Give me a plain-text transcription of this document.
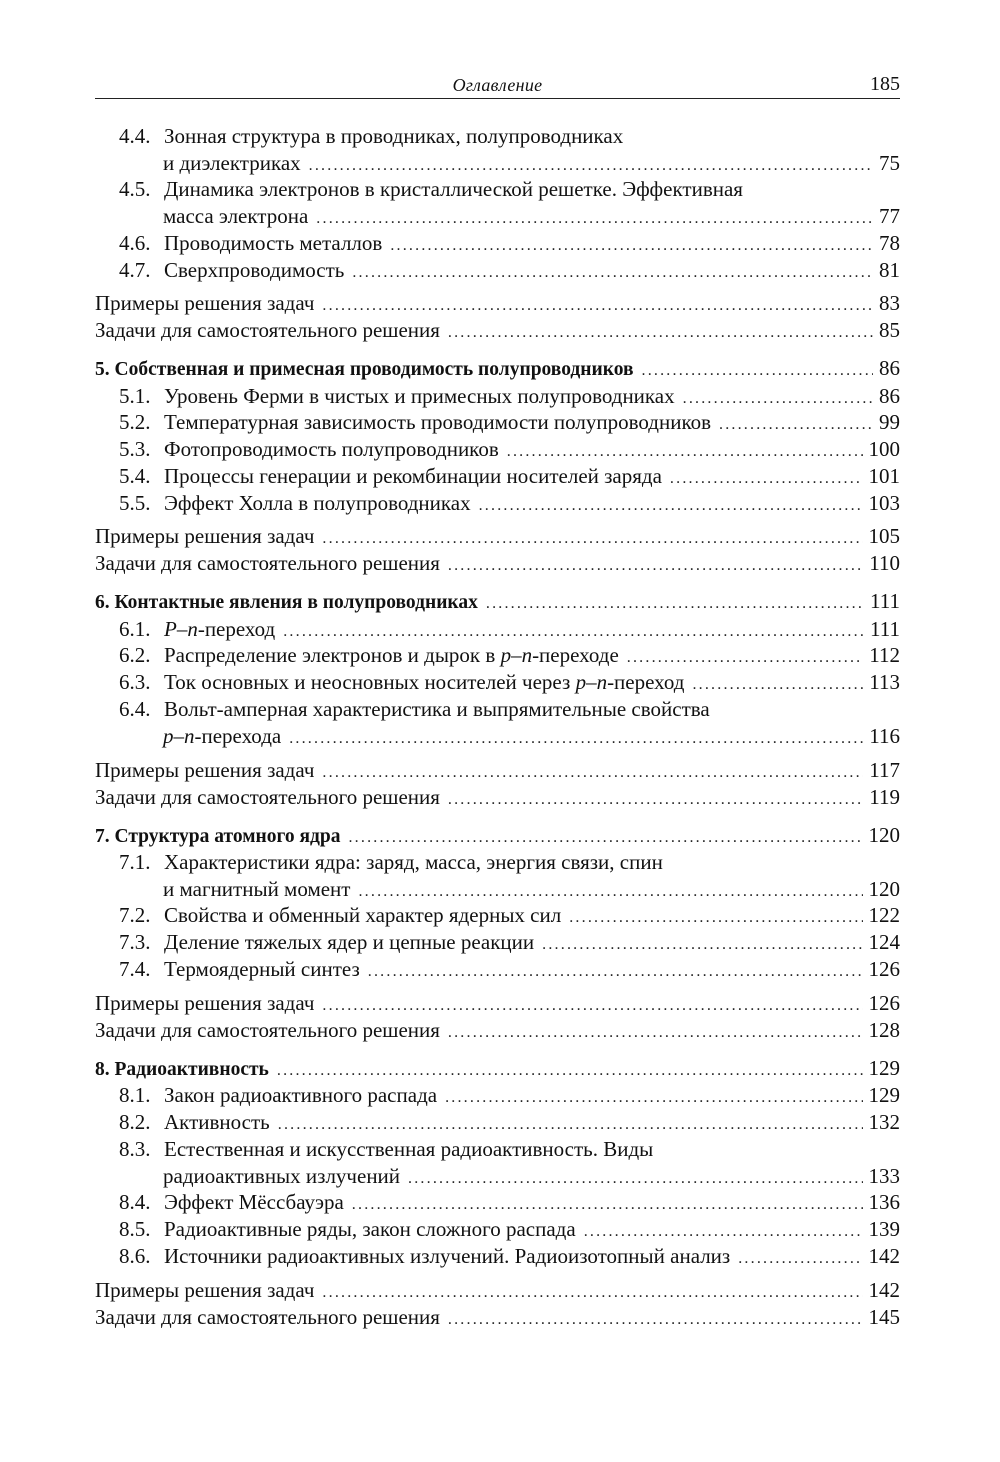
Оглавление	185
4.4. Зонная структура в проводниках, полупроводниках
и диэлектриках .....	75
4.5. Динамика электронов в кристаллической решетке. Эффективная
масса электрона .....	77
4.6. Проводимость металлов .....	78
4.7. Сверхпроводимость .....	81
Примеры решения задач .....	83
Задачи для самостоятельного решения .....	85
5. Собственная и примесная проводимость полупроводников .....	86
5.1. Уровень Ферми в чистых и примесных полупроводниках .....	86
5.2. Температурная зависимость проводимости полупроводников .....	99
5.3. Фотопроводимость полупроводников .....	100
5.4. Процессы генерации и рекомбинации носителей заряда .....	101
5.5. Эффект Холла в полупроводниках .....	103
Примеры решения задач .....	105
Задачи для самостоятельного решения .....	110
6. Контактные явления в полупроводниках .....	111
6.1. P–n-переход .....	111
6.2. Распределение электронов и дырок в p–n-переходе .....	112
6.3. Ток основных и неосновных носителей через p–n-переход .....	113
6.4. Вольт-амперная характеристика и выпрямительные свойства
p–n-перехода .....	116
Примеры решения задач .....	117
Задачи для самостоятельного решения .....	119
7. Структура атомного ядра .....	120
7.1. Характеристики ядра: заряд, масса, энергия связи, спин
и магнитный момент .....	120
7.2. Свойства и обменный характер ядерных сил .....	122
7.3. Деление тяжелых ядер и цепные реакции .....	124
7.4. Термоядерный синтез .....	126
Примеры решения задач .....	126
Задачи для самостоятельного решения .....	128
8. Радиоактивность .....	129
8.1. Закон радиоактивного распада .....	129
8.2. Активность .....	132
8.3. Естественная и искусственная радиоактивность. Виды
радиоактивных излучений .....	133
8.4. Эффект Мёссбауэра .....	136
8.5. Радиоактивные ряды, закон сложного распада .....	139
8.6. Источники радиоактивных излучений. Радиоизотопный анализ .....	142
Примеры решения задач .....	142
Задачи для самостоятельного решения .....	145
